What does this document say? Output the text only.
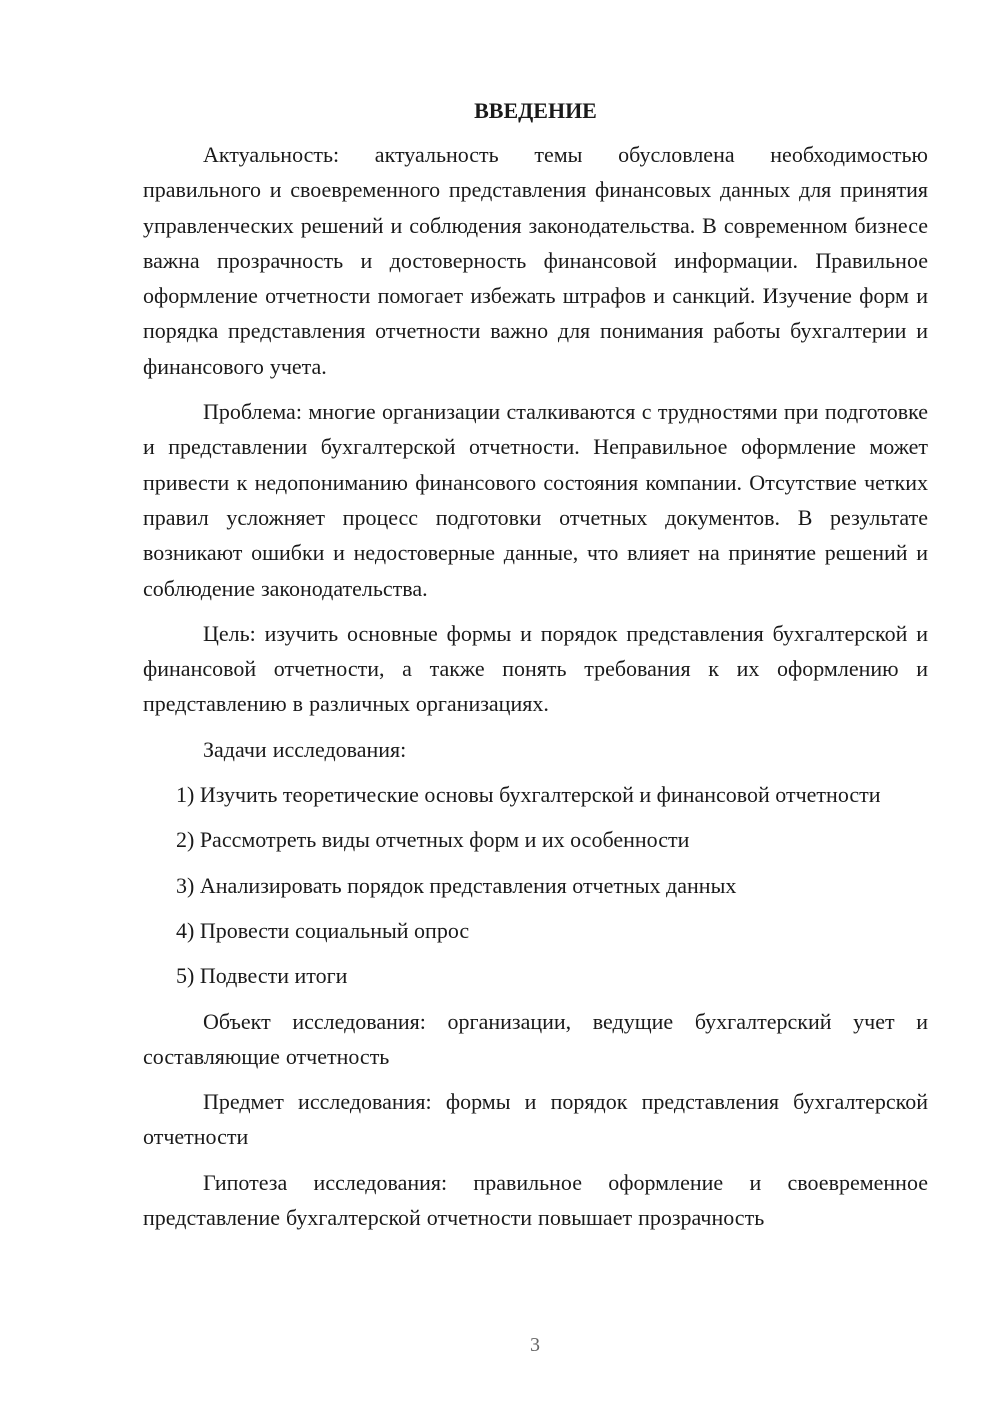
ВВЕДЕНИЕ

Актуальность: актуальность темы обусловлена необходимостью правильного и своевременного представления финансовых данных для принятия управленческих решений и соблюдения законодательства. В современном бизнесе важна прозрачность и достоверность финансовой информации. Правильное оформление отчетности помогает избежать штрафов и санкций. Изучение форм и порядка представления отчетности важно для понимания работы бухгалтерии и финансового учета.

Проблема: многие организации сталкиваются с трудностями при подготовке и представлении бухгалтерской отчетности. Неправильное оформление может привести к недопониманию финансового состояния компании. Отсутствие четких правил усложняет процесс подготовки отчетных документов. В результате возникают ошибки и недостоверные данные, что влияет на принятие решений и соблюдение законодательства.

Цель: изучить основные формы и порядок представления бухгалтерской и финансовой отчетности, а также понять требования к их оформлению и представлению в различных организациях.

Задачи исследования:

1) Изучить теоретические основы бухгалтерской и финансовой отчетности

2) Рассмотреть виды отчетных форм и их особенности

3) Анализировать порядок представления отчетных данных

4) Провести социальный опрос

5) Подвести итоги

Объект исследования: организации, ведущие бухгалтерский учет и составляющие отчетность

Предмет исследования: формы и порядок представления бухгалтерской отчетности

Гипотеза исследования: правильное оформление и своевременное представление бухгалтерской отчетности повышает прозрачность

3
